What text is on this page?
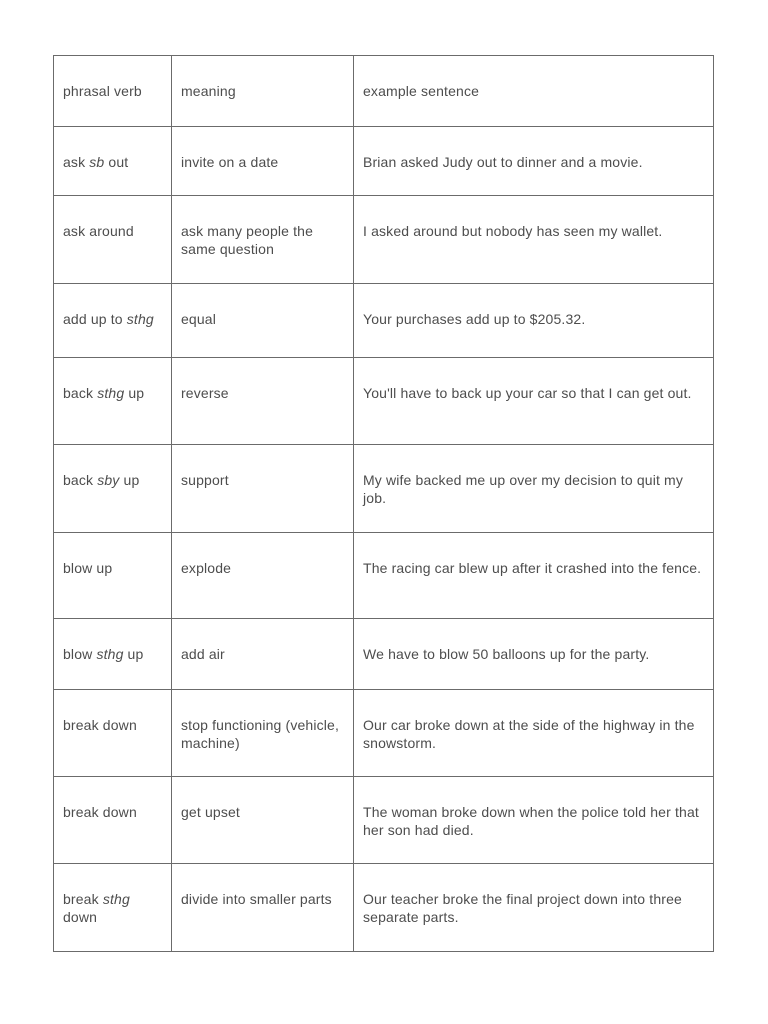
phrasal verb	meaning	example sentence
ask sb out	invite on a date	Brian asked Judy out to dinner and a movie.
ask around	ask many people the same question	I asked around but nobody has seen my wallet.
add up to sthg	equal	Your purchases add up to $205.32.
back sthg up	reverse	You'll have to back up your car so that I can get out.
back sby up	support	My wife backed me up over my decision to quit my job.
blow up	explode	The racing car blew up after it crashed into the fence.
blow sthg up	add air	We have to blow 50 balloons up for the party.
break down	stop functioning (vehicle, machine)	Our car broke down at the side of the highway in the snowstorm.
break down	get upset	The woman broke down when the police told her that her son had died.
break sthg down	divide into smaller parts	Our teacher broke the final project down into three separate parts.
